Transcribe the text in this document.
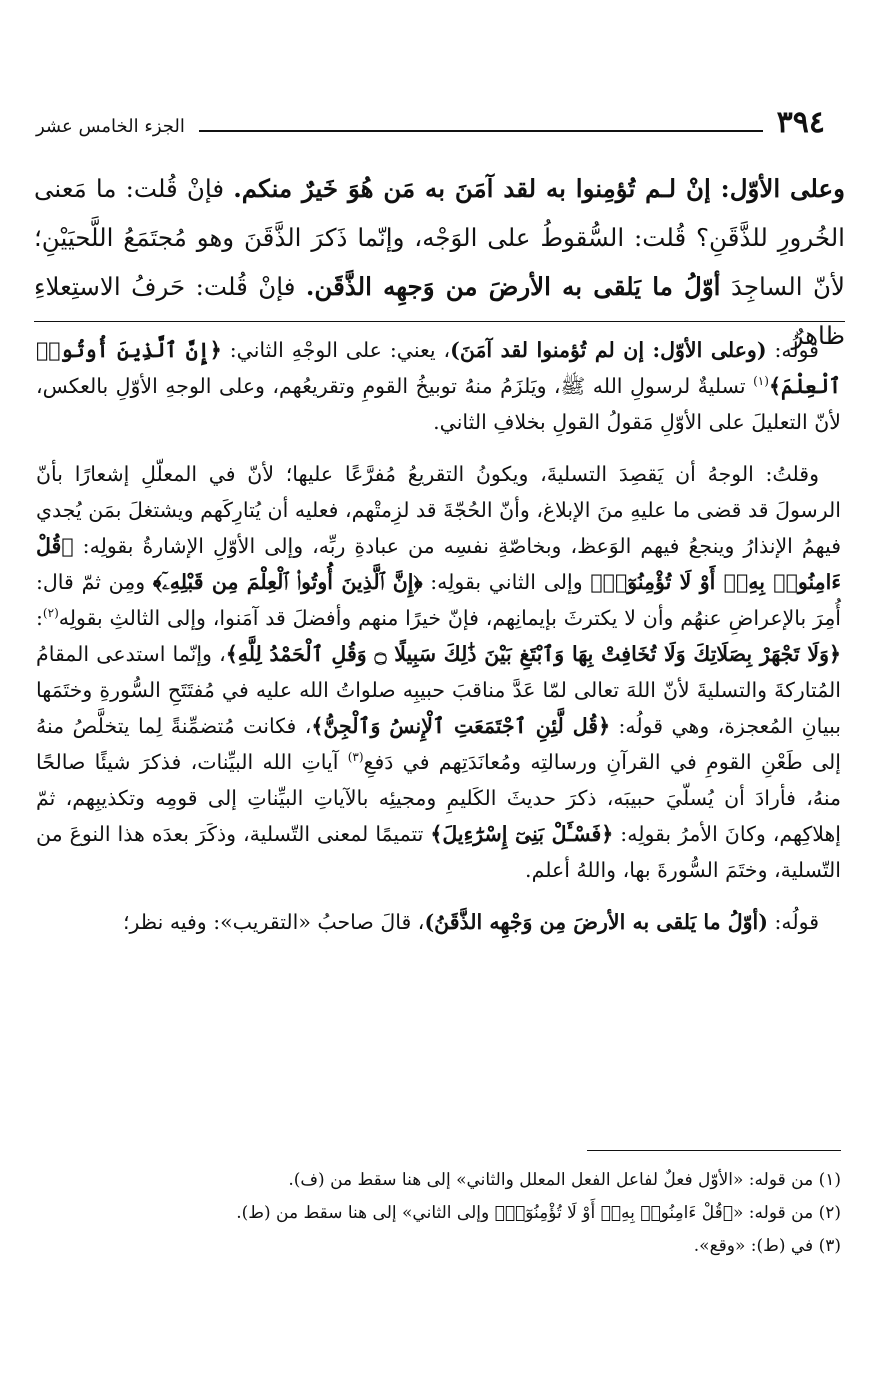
٣٩٤
الجزء الخامس عشر

وعلى الأوّل: إنْ لـم تُؤمِنوا به لقد آمَنَ به مَن هُوَ خَيرٌ منكم. فإنْ قُلت: ما مَعنى الخُرورِ للذَّقَنِ؟ قُلت: السُّقوطُ على الوَجْه، وإنّما ذَكرَ الذَّقَنَ وهو مُجتَمَعُ اللَّحيَيْنِ؛ لأنّ الساجِدَ أوّلُ ما يَلقى به الأرضَ من وَجهِه الذَّقَن. فإنْ قُلت: حَرفُ الاستِعلاءِ ظاهرٌ

قولُه: (وعلى الأوّل: إن لم تُؤمنوا لقد آمَنَ)، يعني: على الوجْهِ الثاني: ﴿إِنَّ ٱلَّذِينَ أُوتُوا۟ ٱلْعِلْمَ﴾$^{(١)}$ تسليةٌ لرسولِ الله ﷺ، ويَلزَمُ منهُ توبيخُ القومِ وتقريعُهم، وعلى الوجهِ الأوّلِ بالعكس، لأنّ التعليلَ على الأوّلِ مَقولُ القولِ بخلافِ الثاني.

وقلتُ: الوجهُ أن يَقصِدَ التسليةَ، ويكونُ التقريعُ مُفرَّعًا عليها؛ لأنّ في المعلّلِ إشعارًا بأنّ الرسولَ قد قضى ما عليهِ منَ الإبلاغ، وأنّ الحُجّةَ قد لزِمتْهم، فعليه أن يُتارِكَهم ويشتغلَ بمَن يُجدي فيهمُ الإنذارُ وينجعُ فيهم الوَعظ، وبخاصّةِ نفسِه من عبادةِ ربِّه، وإلى الأوّلِ الإشارةُ بقولِه: ﴿قُلْ ءَامِنُوا۟ بِهِۦٓ أَوْ لَا تُؤْمِنُوٓا۟﴾ وإلى الثاني بقولِه: ﴿إِنَّ ٱلَّذِينَ أُوتُوا۟ ٱلْعِلْمَ مِن قَبْلِهِۦٓ﴾ ومِن ثمّ قال: أُمِرَ بالإعراضِ عنهُم وأن لا يكترثَ بإيمانِهم، فإنّ خيرًا منهم وأفضلَ قد آمَنوا، وإلى الثالثِ بقولِه$^{(٢)}$: ﴿وَلَا تَجْهَرْ بِصَلَاتِكَ وَلَا تُخَافِتْ بِهَا وَٱبْتَغِ بَيْنَ ذَٰلِكَ سَبِيلًا ۝ وَقُلِ ٱلْحَمْدُ لِلَّهِ﴾، وإنّما استدعى المقامُ المُتاركةَ والتسليةَ لأنّ اللهَ تعالى لمّا عَدَّ مناقبَ حبيبِه صلواتُ الله عليه في مُفتَتَحِ السُّورةِ وختَمَها ببيانِ المُعجزة، وهي قولُه: ﴿قُل لَّئِنِ ٱجْتَمَعَتِ ٱلْإِنسُ وَٱلْجِنُّ﴾، فكانت مُتضمِّنةً لِما يتخلَّصُ منهُ إلى طَعْنِ القومِ في القرآنِ ورسالتِه ومُعانَدَتِهم في دَفعِ$^{(٣)}$ آياتِ الله البيِّنات، فذكرَ شيئًا صالحًا منهُ، فأرادَ أن يُسلّيَ حبيبَه، ذكرَ حديثَ الكَليمِ ومجيئِه بالآياتِ البيِّناتِ إلى قومِه وتكذيبِهم، ثمّ إهلاكِهم، وكانَ الأمرُ بقولِه: ﴿فَسْـَٔلْ بَنِىٓ إِسْرَٰٓءِيلَ﴾ تتميمًا لمعنى التّسلية، وذكَرَ بعدَه هذا النوعَ من التّسلية، وختَمَ السُّورةَ بها، واللهُ أعلم.

قولُه: (أوّلُ ما يَلقى به الأرضَ مِن وَجْهِه الذَّقَنُ)، قالَ صاحبُ «التقريب»: وفيه نظر؛

(١) من قوله: «الأوّل فعلٌ لفاعل الفعل المعلل والثاني» إلى هنا سقط من (ف).

(٢) من قوله: «﴿قُلْ ءَامِنُوا۟ بِهِۦٓ أَوْ لَا تُؤْمِنُوٓا۟﴾ وإلى الثاني» إلى هنا سقط من (ط).

(٣) في (ط): «وقع».
